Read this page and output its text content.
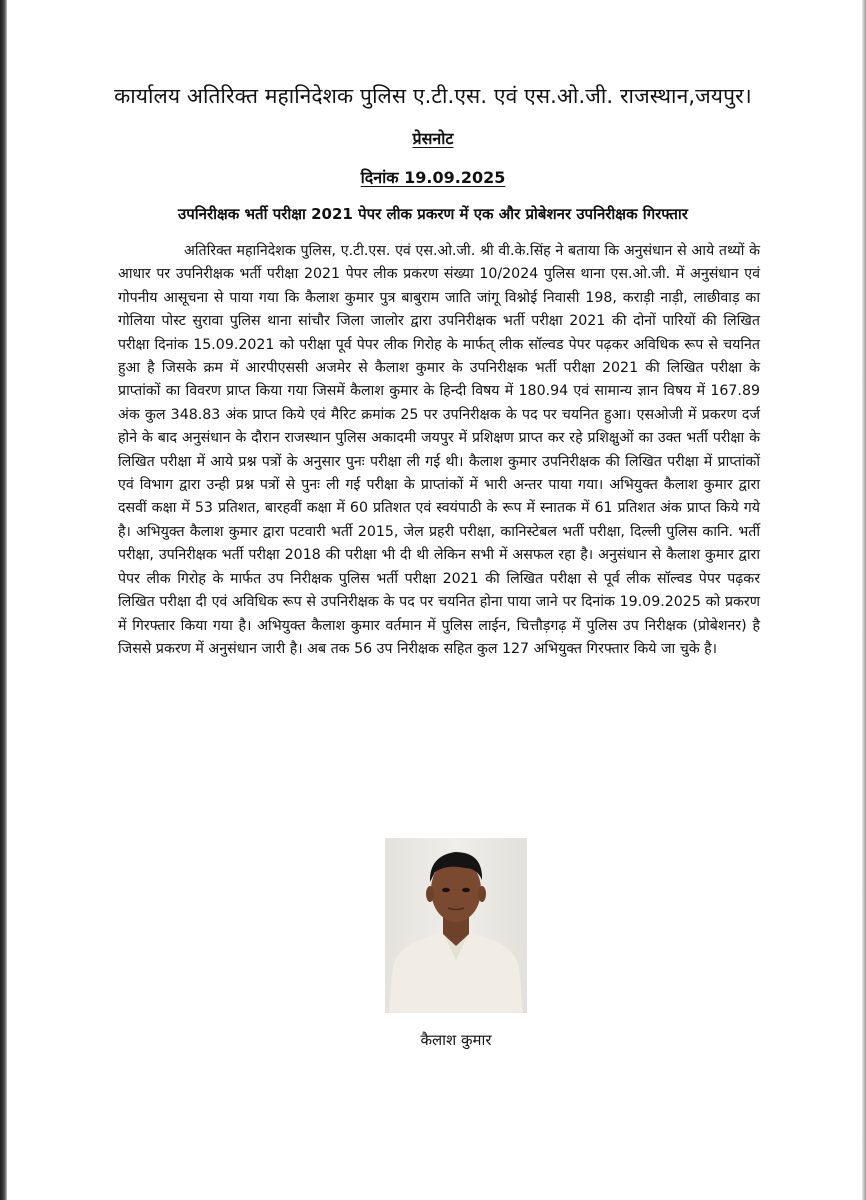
कार्यालय अतिरिक्त महानिदेशक पुलिस ए.टी.एस. एवं एस.ओ.जी. राजस्थान,जयपुर।
प्रेसनोट
दिनांक 19.09.2025
उपनिरीक्षक भर्ती परीक्षा 2021 पेपर लीक प्रकरण में एक और प्रोबेशनर उपनिरीक्षक गिरफ्तार
अतिरिक्त महानिदेशक पुलिस, ए.टी.एस. एवं एस.ओ.जी. श्री वी.के.सिंह ने बताया कि अनुसंधान से आये तथ्यों के आधार पर उपनिरीक्षक भर्ती परीक्षा 2021 पेपर लीक प्रकरण संख्या 10/2024 पुलिस थाना एस.ओ.जी. में अनुसंधान एवं गोपनीय आसूचना से पाया गया कि कैलाश कुमार पुत्र बाबुराम जाति जांगू विश्नोई निवासी 198, कराड़ी नाड़ी, लाछीवाड़ का गोलिया पोस्ट सुरावा पुलिस थाना सांचौर जिला जालोर द्वारा उपनिरीक्षक भर्ती परीक्षा 2021 की दोनों पारियों की लिखित परीक्षा दिनांक 15.09.2021 को परीक्षा पूर्व पेपर लीक गिरोह के मार्फत् लीक सॉल्वड पेपर पढ़कर अविधिक रूप से चयनित हुआ है जिसके क्रम में आरपीएससी अजमेर से कैलाश कुमार के उपनिरीक्षक भर्ती परीक्षा 2021 की लिखित परीक्षा के प्राप्तांकों का विवरण प्राप्त किया गया जिसमें कैलाश कुमार के हिन्दी विषय में 180.94 एवं सामान्य ज्ञान विषय में 167.89 अंक कुल 348.83 अंक प्राप्त किये एवं मैरिट क्रमांक 25 पर उपनिरीक्षक के पद पर चयनित हुआ। एसओजी में प्रकरण दर्ज होने के बाद अनुसंधान के दौरान राजस्थान पुलिस अकादमी जयपुर में प्रशिक्षण प्राप्त कर रहे प्रशिक्षुओं का उक्त भर्ती परीक्षा के लिखित परीक्षा में आये प्रश्न पत्रों के अनुसार पुनः परीक्षा ली गई थी। कैलाश कुमार उपनिरीक्षक की लिखित परीक्षा में प्राप्तांकों एवं विभाग द्वारा उन्ही प्रश्न पत्रों से पुनः ली गई परीक्षा के प्राप्तांकों में भारी अन्तर पाया गया। अभियुक्त कैलाश कुमार द्वारा दसवीं कक्षा में 53 प्रतिशत, बारहवीं कक्षा में 60 प्रतिशत एवं स्वयंपाठी के रूप में स्नातक में 61 प्रतिशत अंक प्राप्त किये गये है। अभियुक्त कैलाश कुमार द्वारा पटवारी भर्ती 2015, जेल प्रहरी परीक्षा, कानिस्टेबल भर्ती परीक्षा, दिल्ली पुलिस कानि. भर्ती परीक्षा, उपनिरीक्षक भर्ती परीक्षा 2018 की परीक्षा भी दी थी लेकिन सभी में असफल रहा है। अनुसंधान से कैलाश कुमार द्वारा पेपर लीक गिरोह के मार्फत उप निरीक्षक पुलिस भर्ती परीक्षा 2021 की लिखित परीक्षा से पूर्व लीक सॉल्वड पेपर पढ़कर लिखित परीक्षा दी एवं अविधिक रूप से उपनिरीक्षक के पद पर चयनित होना पाया जाने पर दिनांक 19.09.2025 को प्रकरण में गिरफ्तार किया गया है। अभियुक्त कैलाश कुमार वर्तमान में पुलिस लाईन, चित्तौड़गढ़ में पुलिस उप निरीक्षक (प्रोबेशनर) है जिससे प्रकरण में अनुसंधान जारी है। अब तक 56 उप निरीक्षक सहित कुल 127 अभियुक्त गिरफ्तार किये जा चुके है।
कैलाश कुमार
